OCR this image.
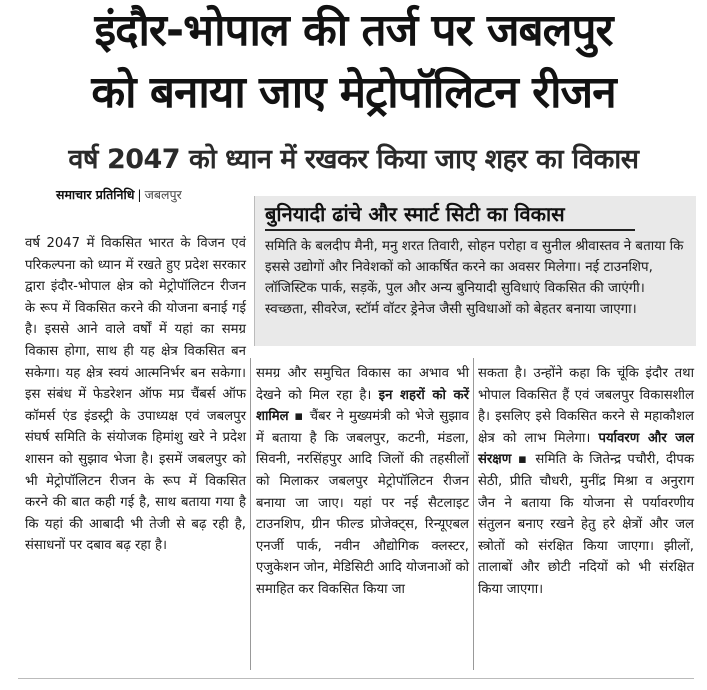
इंदौर-भोपाल की तर्ज पर जबलपुर
को बनाया जाए मेट्रोपॉलिटन रीजन
वर्ष 2047 को ध्यान में रखकर किया जाए शहर का विकास
समाचार प्रतिनिधि | जबलपुर
बुनियादी ढांचे और स्मार्ट सिटी का विकास
समिति के बलदीप मैनी, मनु शरत तिवारी, सोहन परोहा व सुनील श्रीवास्तव ने बताया कि इससे उद्योगों और निवेशकों को आकर्षित करने का अवसर मिलेगा। नई टाउनशिप, लॉजिस्टिक पार्क, सड़कें, पुल और अन्य बुनियादी सुविधाएं विकसित की जाएंगी। स्वच्छता, सीवरेज, स्टॉर्म वॉटर ड्रेनेज जैसी सुविधाओं को बेहतर बनाया जाएगा।
वर्ष 2047 में विकसित भारत के विजन एवं परिकल्पना को ध्यान में रखते हुए प्रदेश सरकार द्वारा इंदौर-भोपाल क्षेत्र को मेट्रोपॉलिटन रीजन के रूप में विकसित करने की योजना बनाई गई है। इससे आने वाले वर्षों में यहां का समग्र विकास होगा, साथ ही यह क्षेत्र विकसित बन सकेगा। यह क्षेत्र स्वयं आत्मनिर्भर बन सकेगा। इस संबंध में फेडरेशन ऑफ मप्र चैंबर्स ऑफ कॉमर्स एंड इंडस्ट्री के उपाध्यक्ष एवं जबलपुर संघर्ष समिति के संयोजक हिमांशु खरे ने प्रदेश शासन को सुझाव भेजा है। इसमें जबलपुर को भी मेट्रोपॉलिटन रीजन के रूप में विकसित करने की बात कही गई है, साथ बताया गया है कि यहां की आबादी भी तेजी से बढ़ रही है, संसाधनों पर दबाव बढ़ रहा है।
समग्र और समुचित विकास का अभाव भी देखने को मिल रहा है। इन शहरों को करें शामिल ▪ चैंबर ने मुख्यमंत्री को भेजे सुझाव में बताया है कि जबलपुर, कटनी, मंडला, सिवनी, नरसिंहपुर आदि जिलों की तहसीलों को मिलाकर जबलपुर मेट्रोपॉलिटन रीजन बनाया जा जाए। यहां पर नई सैटलाइट टाउनशिप, ग्रीन फील्ड प्रोजेक्ट्स, रिन्यूएबल एनर्जी पार्क, नवीन औद्योगिक क्लस्टर, एजुकेशन जोन, मेडिसिटी आदि योजनाओं को समाहित कर विकसित किया जा
सकता है। उन्होंने कहा कि चूंकि इंदौर तथा भोपाल विकसित हैं एवं जबलपुर विकासशील है। इसलिए इसे विकसित करने से महाकौशल क्षेत्र को लाभ मिलेगा। पर्यावरण और जल संरक्षण ▪ समिति के जितेन्द्र पचौरी, दीपक सेठी, प्रीति चौधरी, मुनींद्र मिश्रा व अनुराग जैन ने बताया कि योजना से पर्यावरणीय संतुलन बनाए रखने हेतु हरे क्षेत्रों और जल स्त्रोतों को संरक्षित किया जाएगा। झीलों, तालाबों और छोटी नदियों को भी संरक्षित किया जाएगा।
